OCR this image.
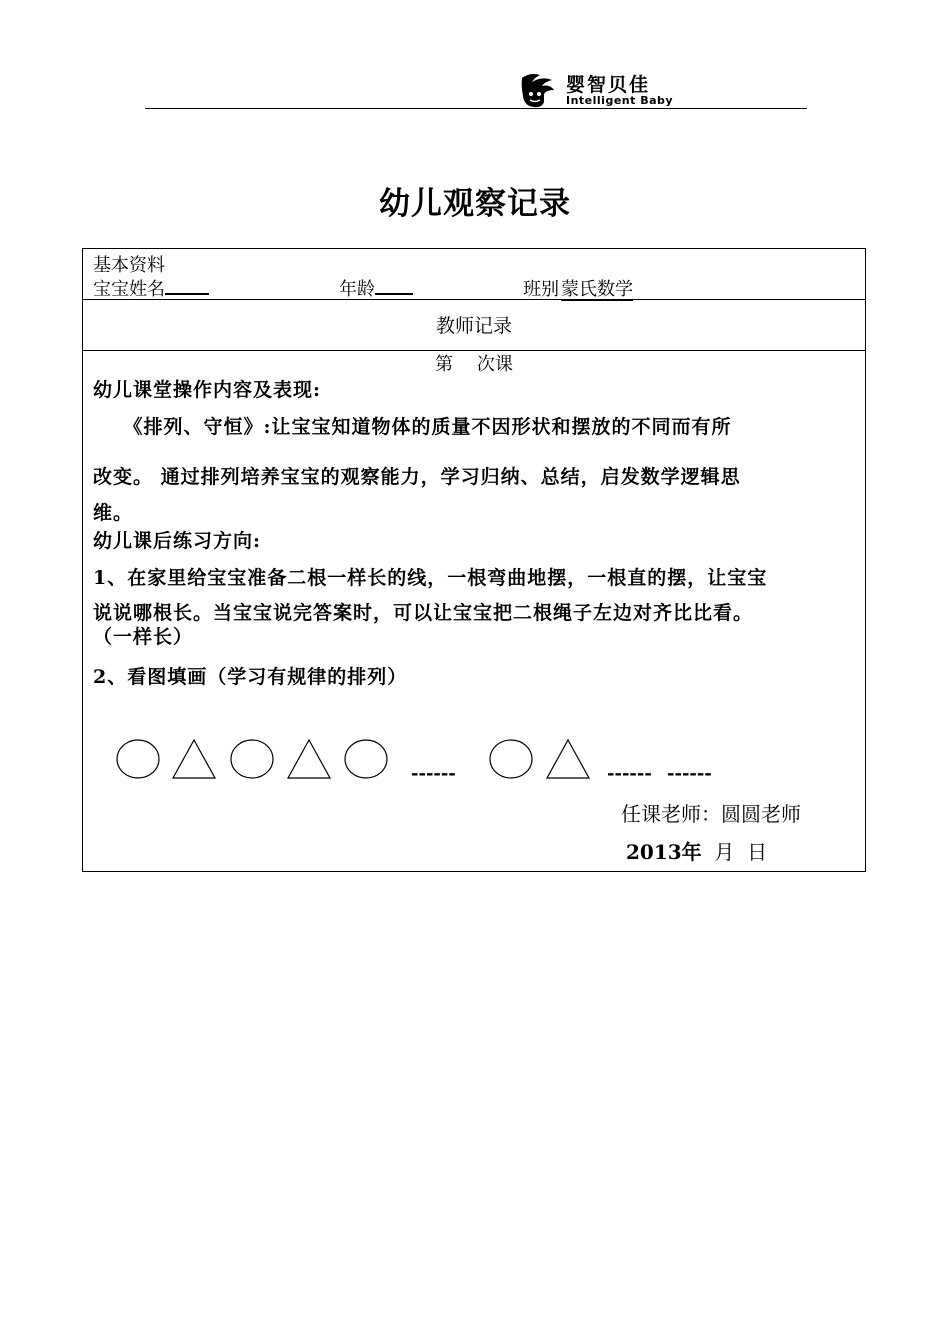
婴智贝佳
Intelligent Baby
幼儿观察记录
基本资料
宝宝姓名	年龄	班别 蒙氏数学
教师记录
第　 次课
幼儿课堂操作内容及表现:
　　《排列、守恒》:让宝宝知道物体的质量不因形状和摆放的不同而有所
改变。 通过排列培养宝宝的观察能力，学习归纳、总结，启发数学逻辑思
维。
幼儿课后练习方向:
1、在家里给宝宝准备二根一样长的线，一根弯曲地摆，一根直的摆，让宝宝
说说哪根长。当宝宝说完答案时，可以让宝宝把二根绳子左边对齐比比看。
（一样长）
2、看图填画（学习有规律的排列）
------	------ ------
任课老师：圆圆老师
2013年 月 日
